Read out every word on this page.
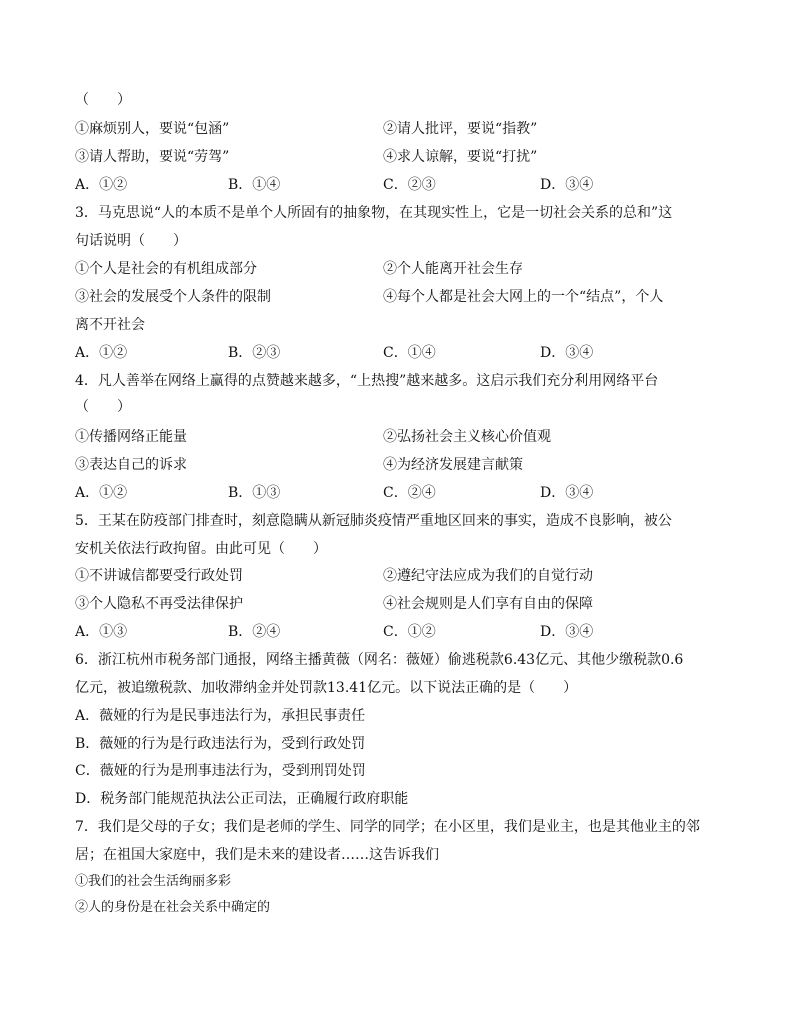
（　　）
①麻烦别人，要说“包涵”	②请人批评，要说“指教”
③请人帮助，要说“劳驾”	④求人谅解，要说“打扰”
A．①②	B．①④	C．②③	D．③④
3．马克思说“人的本质不是单个人所固有的抽象物，在其现实性上，它是一切社会关系的总和”这
句话说明（　　）
①个人是社会的有机组成部分	②个人能离开社会生存
③社会的发展受个人条件的限制	④每个人都是社会大网上的一个“结点”，个人
离不开社会
A．①②	B．②③	C．①④	D．③④
4．凡人善举在网络上赢得的点赞越来越多，“上热搜”越来越多。这启示我们充分利用网络平台
（　　）
①传播网络正能量	②弘扬社会主义核心价值观
③表达自己的诉求	④为经济发展建言献策
A．①②	B．①③	C．②④	D．③④
5．王某在防疫部门排查时，刻意隐瞒从新冠肺炎疫情严重地区回来的事实，造成不良影响，被公
安机关依法行政拘留。由此可见（　　）
①不讲诚信都要受行政处罚	②遵纪守法应成为我们的自觉行动
③个人隐私不再受法律保护	④社会规则是人们享有自由的保障
A．①③	B．②④	C．①②	D．③④
6．浙江杭州市税务部门通报，网络主播黄薇（网名：薇娅）偷逃税款6.43亿元、其他少缴税款0.6
亿元，被追缴税款、加收滞纳金并处罚款13.41亿元。以下说法正确的是（　　）
A．薇娅的行为是民事违法行为，承担民事责任
B．薇娅的行为是行政违法行为，受到行政处罚
C．薇娅的行为是刑事违法行为，受到刑罚处罚
D．税务部门能规范执法公正司法，正确履行政府职能
7．我们是父母的子女；我们是老师的学生、同学的同学；在小区里，我们是业主，也是其他业主的邻
居；在祖国大家庭中，我们是未来的建设者……这告诉我们
①我们的社会生活绚丽多彩
②人的身份是在社会关系中确定的
